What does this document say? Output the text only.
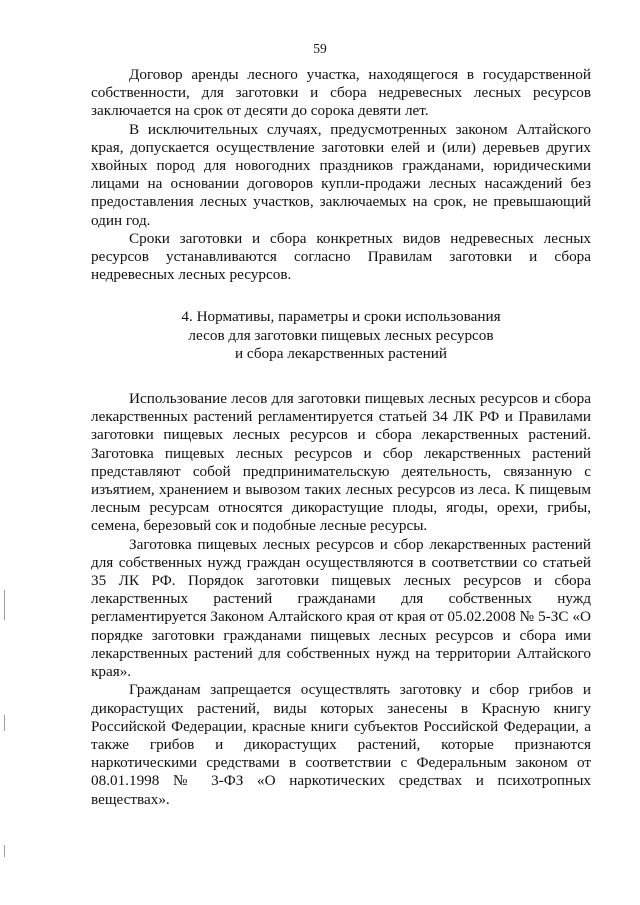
59

Договор аренды лесного участка, находящегося в государственной собственности, для заготовки и сбора недревесных лесных ресурсов заключается на срок от десяти до сорока девяти лет.

В исключительных случаях, предусмотренных законом Алтайского края, допускается осуществление заготовки елей и (или) деревьев других хвойных пород для новогодних праздников гражданами, юридическими лицами на основании договоров купли-продажи лесных насаждений без предоставления лесных участков, заключаемых на срок, не превышающий один год.

Сроки заготовки и сбора конкретных видов недревесных лесных ресурсов устанавливаются согласно Правилам заготовки и сбора недревесных лесных ресурсов.

4. Нормативы, параметры и сроки использования
лесов для заготовки пищевых лесных ресурсов
и сбора лекарственных растений

Использование лесов для заготовки пищевых лесных ресурсов и сбора лекарственных растений регламентируется статьей 34 ЛК РФ и Правилами заготовки пищевых лесных ресурсов и сбора лекарственных растений. Заготовка пищевых лесных ресурсов и сбор лекарственных растений представляют собой предпринимательскую деятельность, связанную с изъятием, хранением и вывозом таких лесных ресурсов из леса. К пищевым лесным ресурсам относятся дикорастущие плоды, ягоды, орехи, грибы, семена, березовый сок и подобные лесные ресурсы.

Заготовка пищевых лесных ресурсов и сбор лекарственных растений для собственных нужд граждан осуществляются в соответствии со статьей 35 ЛК РФ. Порядок заготовки пищевых лесных ресурсов и сбора лекарственных растений гражданами для собственных нужд регламентируется Законом Алтайского края от края от 05.02.2008 № 5-ЗС «О порядке заготовки гражданами пищевых лесных ресурсов и сбора ими лекарственных растений для собственных нужд на территории Алтайского края».

Гражданам запрещается осуществлять заготовку и сбор грибов и дикорастущих растений, виды которых занесены в Красную книгу Российской Федерации, красные книги субъектов Российской Федерации, а также грибов и дикорастущих растений, которые признаются наркотическими средствами в соответствии с Федеральным законом от 08.01.1998 № 3-ФЗ «О наркотических средствах и психотропных веществах».
